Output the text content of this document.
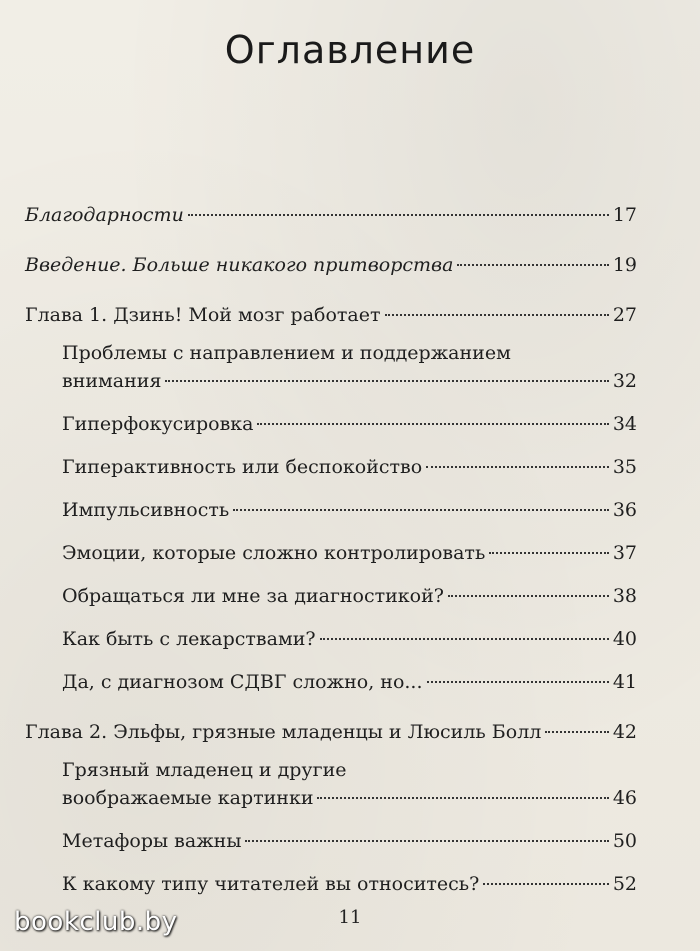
Оглавление
Благодарности	17
Введение. Больше никакого притворства	19
Глава 1. Дзинь! Мой мозг работает	27
Проблемы с направлением и поддержанием
внимания	32
Гиперфокусировка	34
Гиперактивность или беспокойство	35
Импульсивность	36
Эмоции, которые сложно контролировать	37
Обращаться ли мне за диагностикой?	38
Как быть с лекарствами?	40
Да, с диагнозом СДВГ сложно, но...	41
Глава 2. Эльфы, грязные младенцы и Люсиль Болл	42
Грязный младенец и другие
воображаемые картинки	46
Метафоры важны	50
К какому типу читателей вы относитесь?	52
11
bookclub.by
